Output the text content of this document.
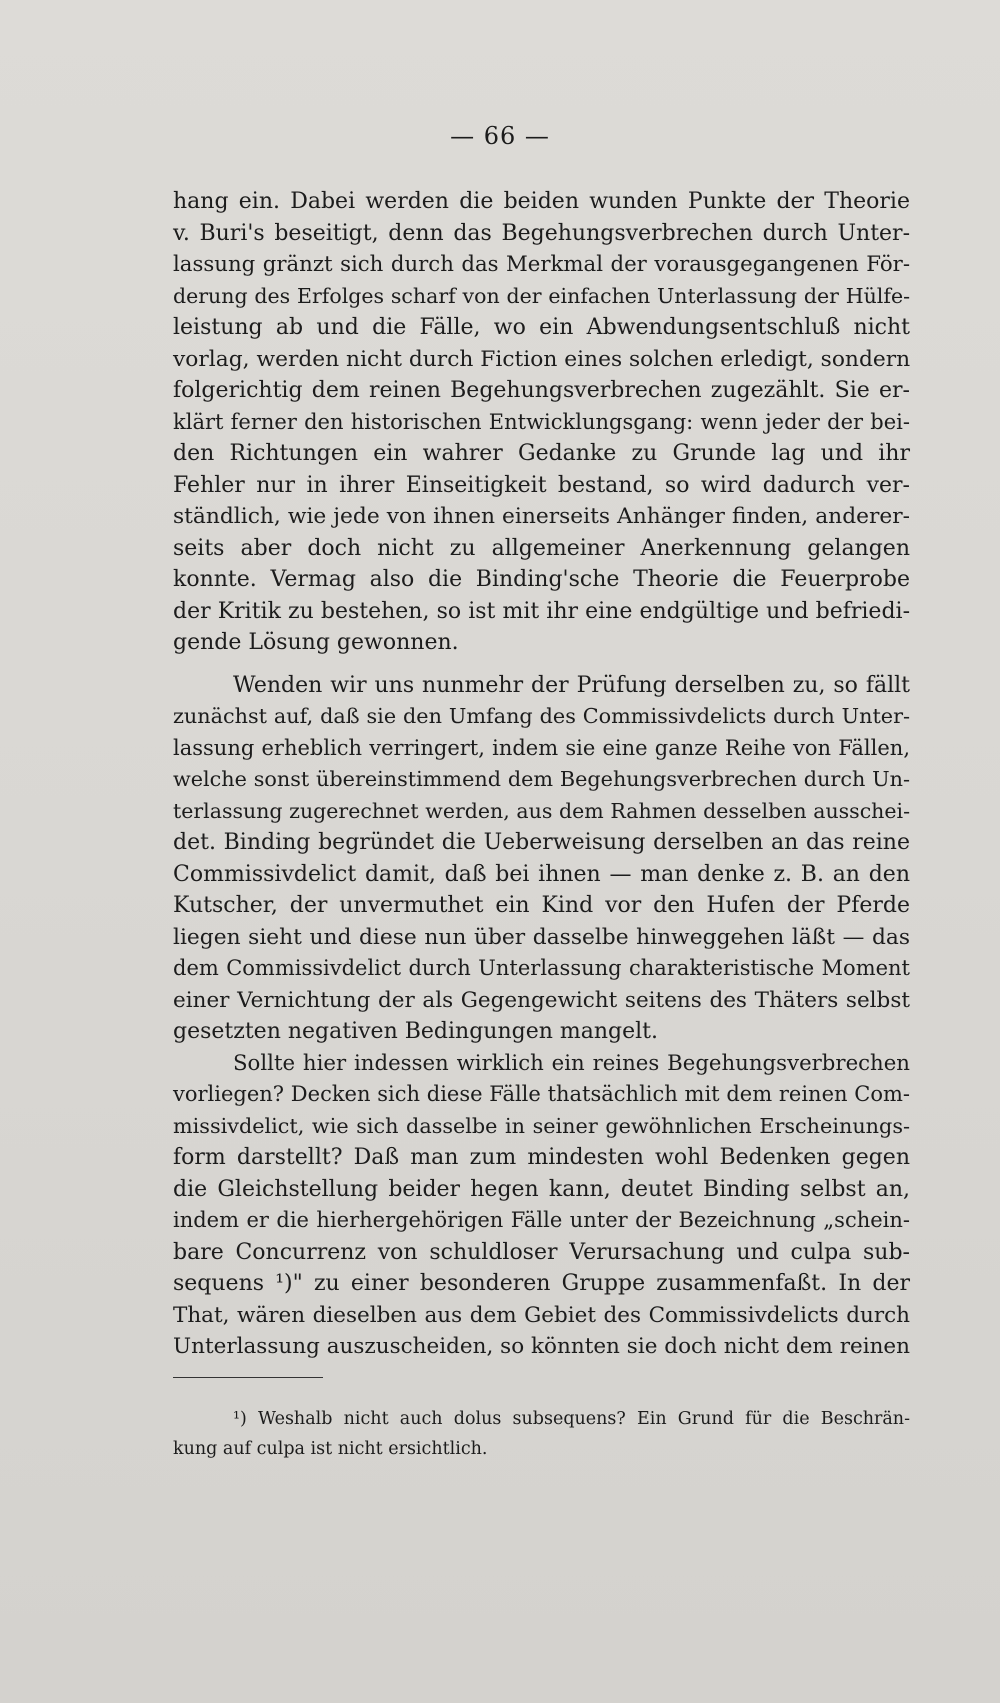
— 66 —
hang ein. Dabei werden die beiden wunden Punkte der Theorie
v. Buri's beseitigt, denn das Begehungsverbrechen durch Unter-
lassung gränzt sich durch das Merkmal der vorausgegangenen För-
derung des Erfolges scharf von der einfachen Unterlassung der Hülfe-
leistung ab und die Fälle, wo ein Abwendungsentschluß nicht
vorlag, werden nicht durch Fiction eines solchen erledigt, sondern
folgerichtig dem reinen Begehungsverbrechen zugezählt. Sie er-
klärt ferner den historischen Entwicklungsgang: wenn jeder der bei-
den Richtungen ein wahrer Gedanke zu Grunde lag und ihr
Fehler nur in ihrer Einseitigkeit bestand, so wird dadurch ver-
ständlich, wie jede von ihnen einerseits Anhänger finden, anderer-
seits aber doch nicht zu allgemeiner Anerkennung gelangen
konnte. Vermag also die Binding'sche Theorie die Feuerprobe
der Kritik zu bestehen, so ist mit ihr eine endgültige und befriedi-
gende Lösung gewonnen.
Wenden wir uns nunmehr der Prüfung derselben zu, so fällt
zunächst auf, daß sie den Umfang des Commissivdelicts durch Unter-
lassung erheblich verringert, indem sie eine ganze Reihe von Fällen,
welche sonst übereinstimmend dem Begehungsverbrechen durch Un-
terlassung zugerechnet werden, aus dem Rahmen desselben ausschei-
det. Binding begründet die Ueberweisung derselben an das reine
Commissivdelict damit, daß bei ihnen — man denke z. B. an den
Kutscher, der unvermuthet ein Kind vor den Hufen der Pferde
liegen sieht und diese nun über dasselbe hinweggehen läßt — das
dem Commissivdelict durch Unterlassung charakteristische Moment
einer Vernichtung der als Gegengewicht seitens des Thäters selbst
gesetzten negativen Bedingungen mangelt.
Sollte hier indessen wirklich ein reines Begehungsverbrechen
vorliegen? Decken sich diese Fälle thatsächlich mit dem reinen Com-
missivdelict, wie sich dasselbe in seiner gewöhnlichen Erscheinungs-
form darstellt? Daß man zum mindesten wohl Bedenken gegen
die Gleichstellung beider hegen kann, deutet Binding selbst an,
indem er die hierhergehörigen Fälle unter der Bezeichnung „schein-
bare Concurrenz von schuldloser Verursachung und culpa sub-
sequens ¹)" zu einer besonderen Gruppe zusammenfaßt. In der
That, wären dieselben aus dem Gebiet des Commissivdelicts durch
Unterlassung auszuscheiden, so könnten sie doch nicht dem reinen
¹) Weshalb nicht auch dolus subsequens? Ein Grund für die Beschrän-
kung auf culpa ist nicht ersichtlich.
